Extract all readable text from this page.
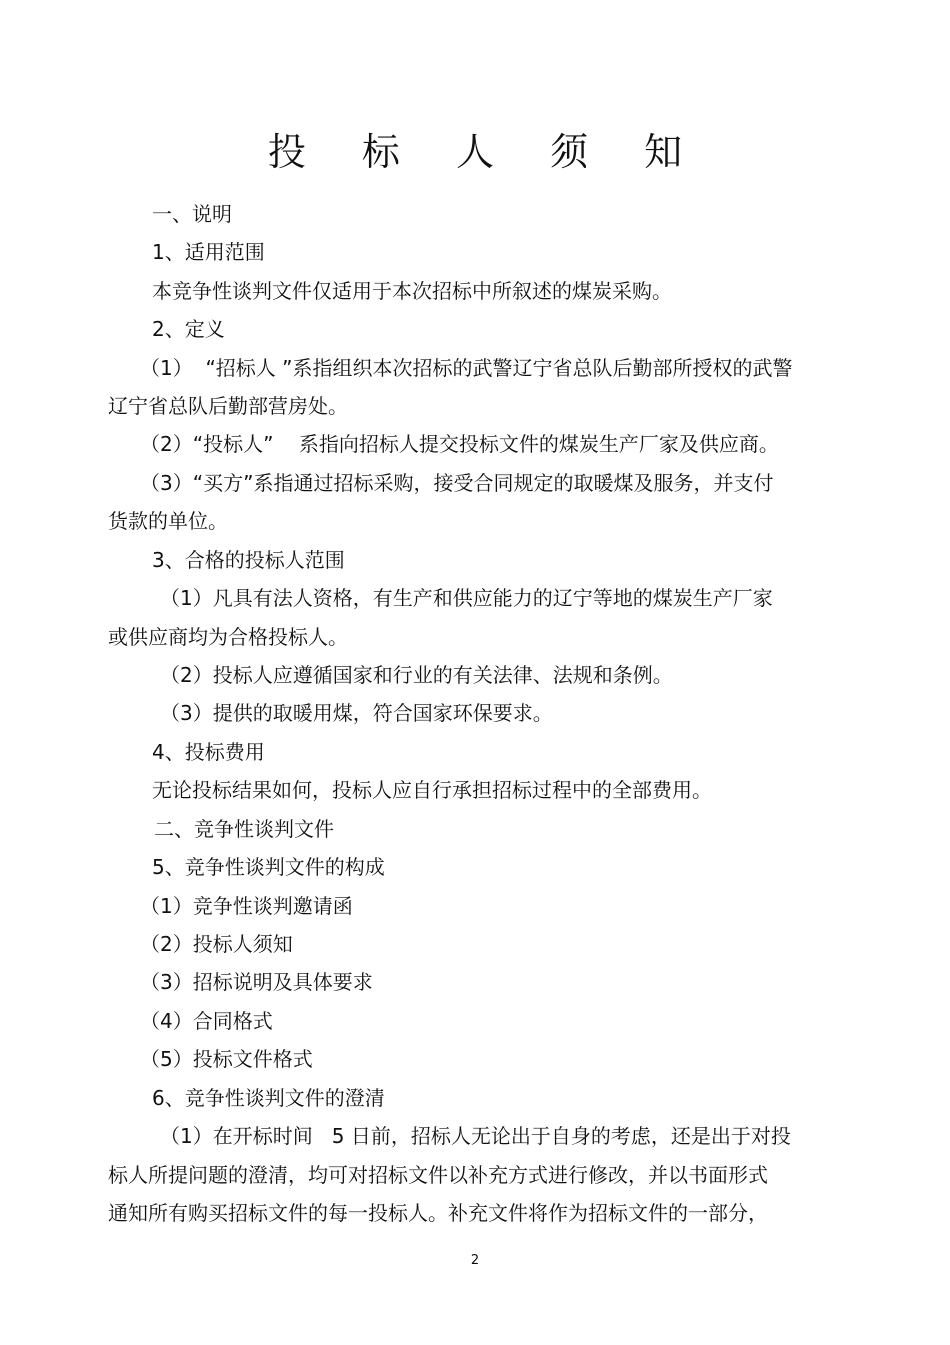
投 标 人 须 知
一、说明
1、适用范围
本竞争性谈判文件仅适用于本次招标中所叙述的煤炭采购。
2、定义
（1）  “招标人 ”系指组织本次招标的武警辽宁省总队后勤部所授权的武警
辽宁省总队后勤部营房处。
（2）“投标人”    系指向招标人提交投标文件的煤炭生产厂家及供应商。
（3）“买方”系指通过招标采购，接受合同规定的取暖煤及服务，并支付
货款的单位。
3、合格的投标人范围
（1）凡具有法人资格，有生产和供应能力的辽宁等地的煤炭生产厂家
或供应商均为合格投标人。
（2）投标人应遵循国家和行业的有关法律、法规和条例。
（3）提供的取暖用煤，符合国家环保要求。
4、投标费用
无论投标结果如何，投标人应自行承担招标过程中的全部费用。
二、竞争性谈判文件
5、竞争性谈判文件的构成
（1）竞争性谈判邀请函
（2）投标人须知
（3）招标说明及具体要求
（4）合同格式
（5）投标文件格式
6、竞争性谈判文件的澄清
（1）在开标时间   5 日前，招标人无论出于自身的考虑，还是出于对投
标人所提问题的澄清，均可对招标文件以补充方式进行修改，并以书面形式
通知所有购买招标文件的每一投标人。补充文件将作为招标文件的一部分，
2
